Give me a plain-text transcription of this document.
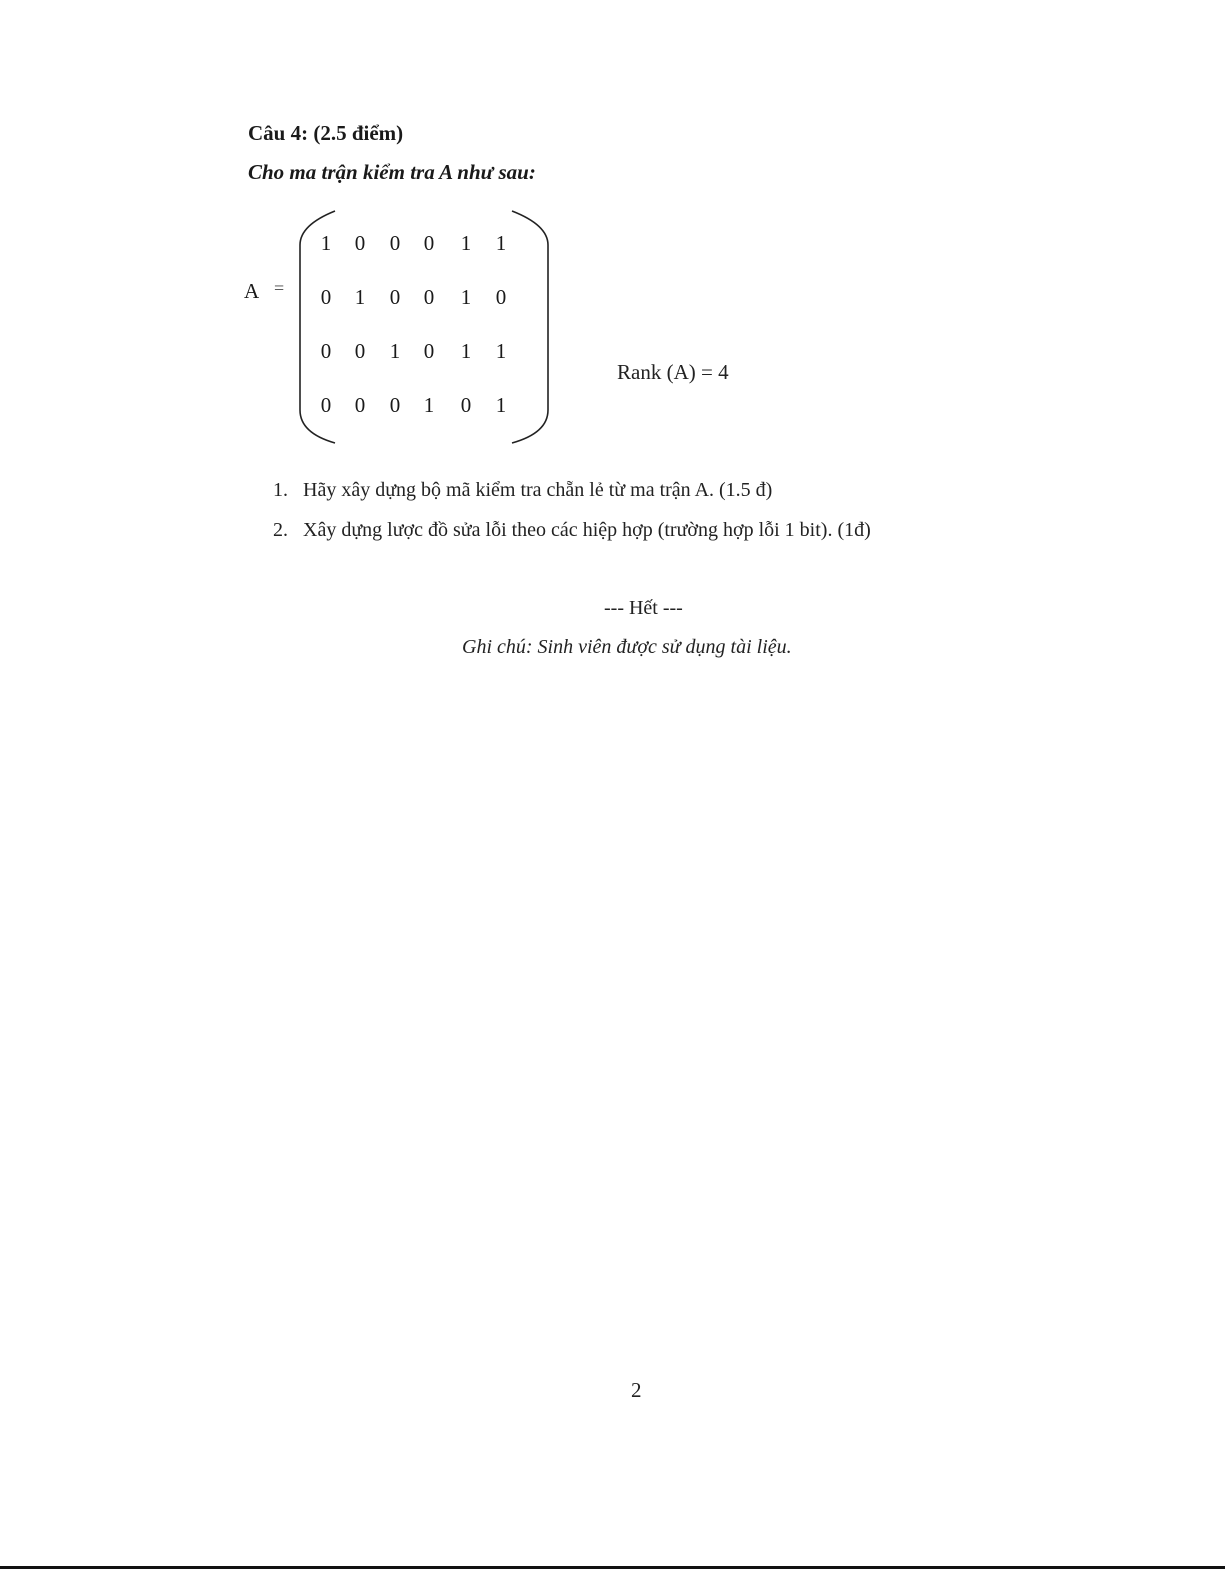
Câu 4: (2.5 điểm)
Cho ma trận kiểm tra A như sau:
A =
1 0 0 0 1 1
0 1 0 0 1 0
0 0 1 0 1 1
0 0 0 1 0 1
Rank (A) = 4
1. Hãy xây dựng bộ mã kiểm tra chẵn lẻ từ ma trận A. (1.5 đ)
2. Xây dựng lược đồ sửa lỗi theo các hiệp hợp (trường hợp lỗi 1 bit). (1đ)
--- Hết ---
Ghi chú: Sinh viên được sử dụng tài liệu.
2
